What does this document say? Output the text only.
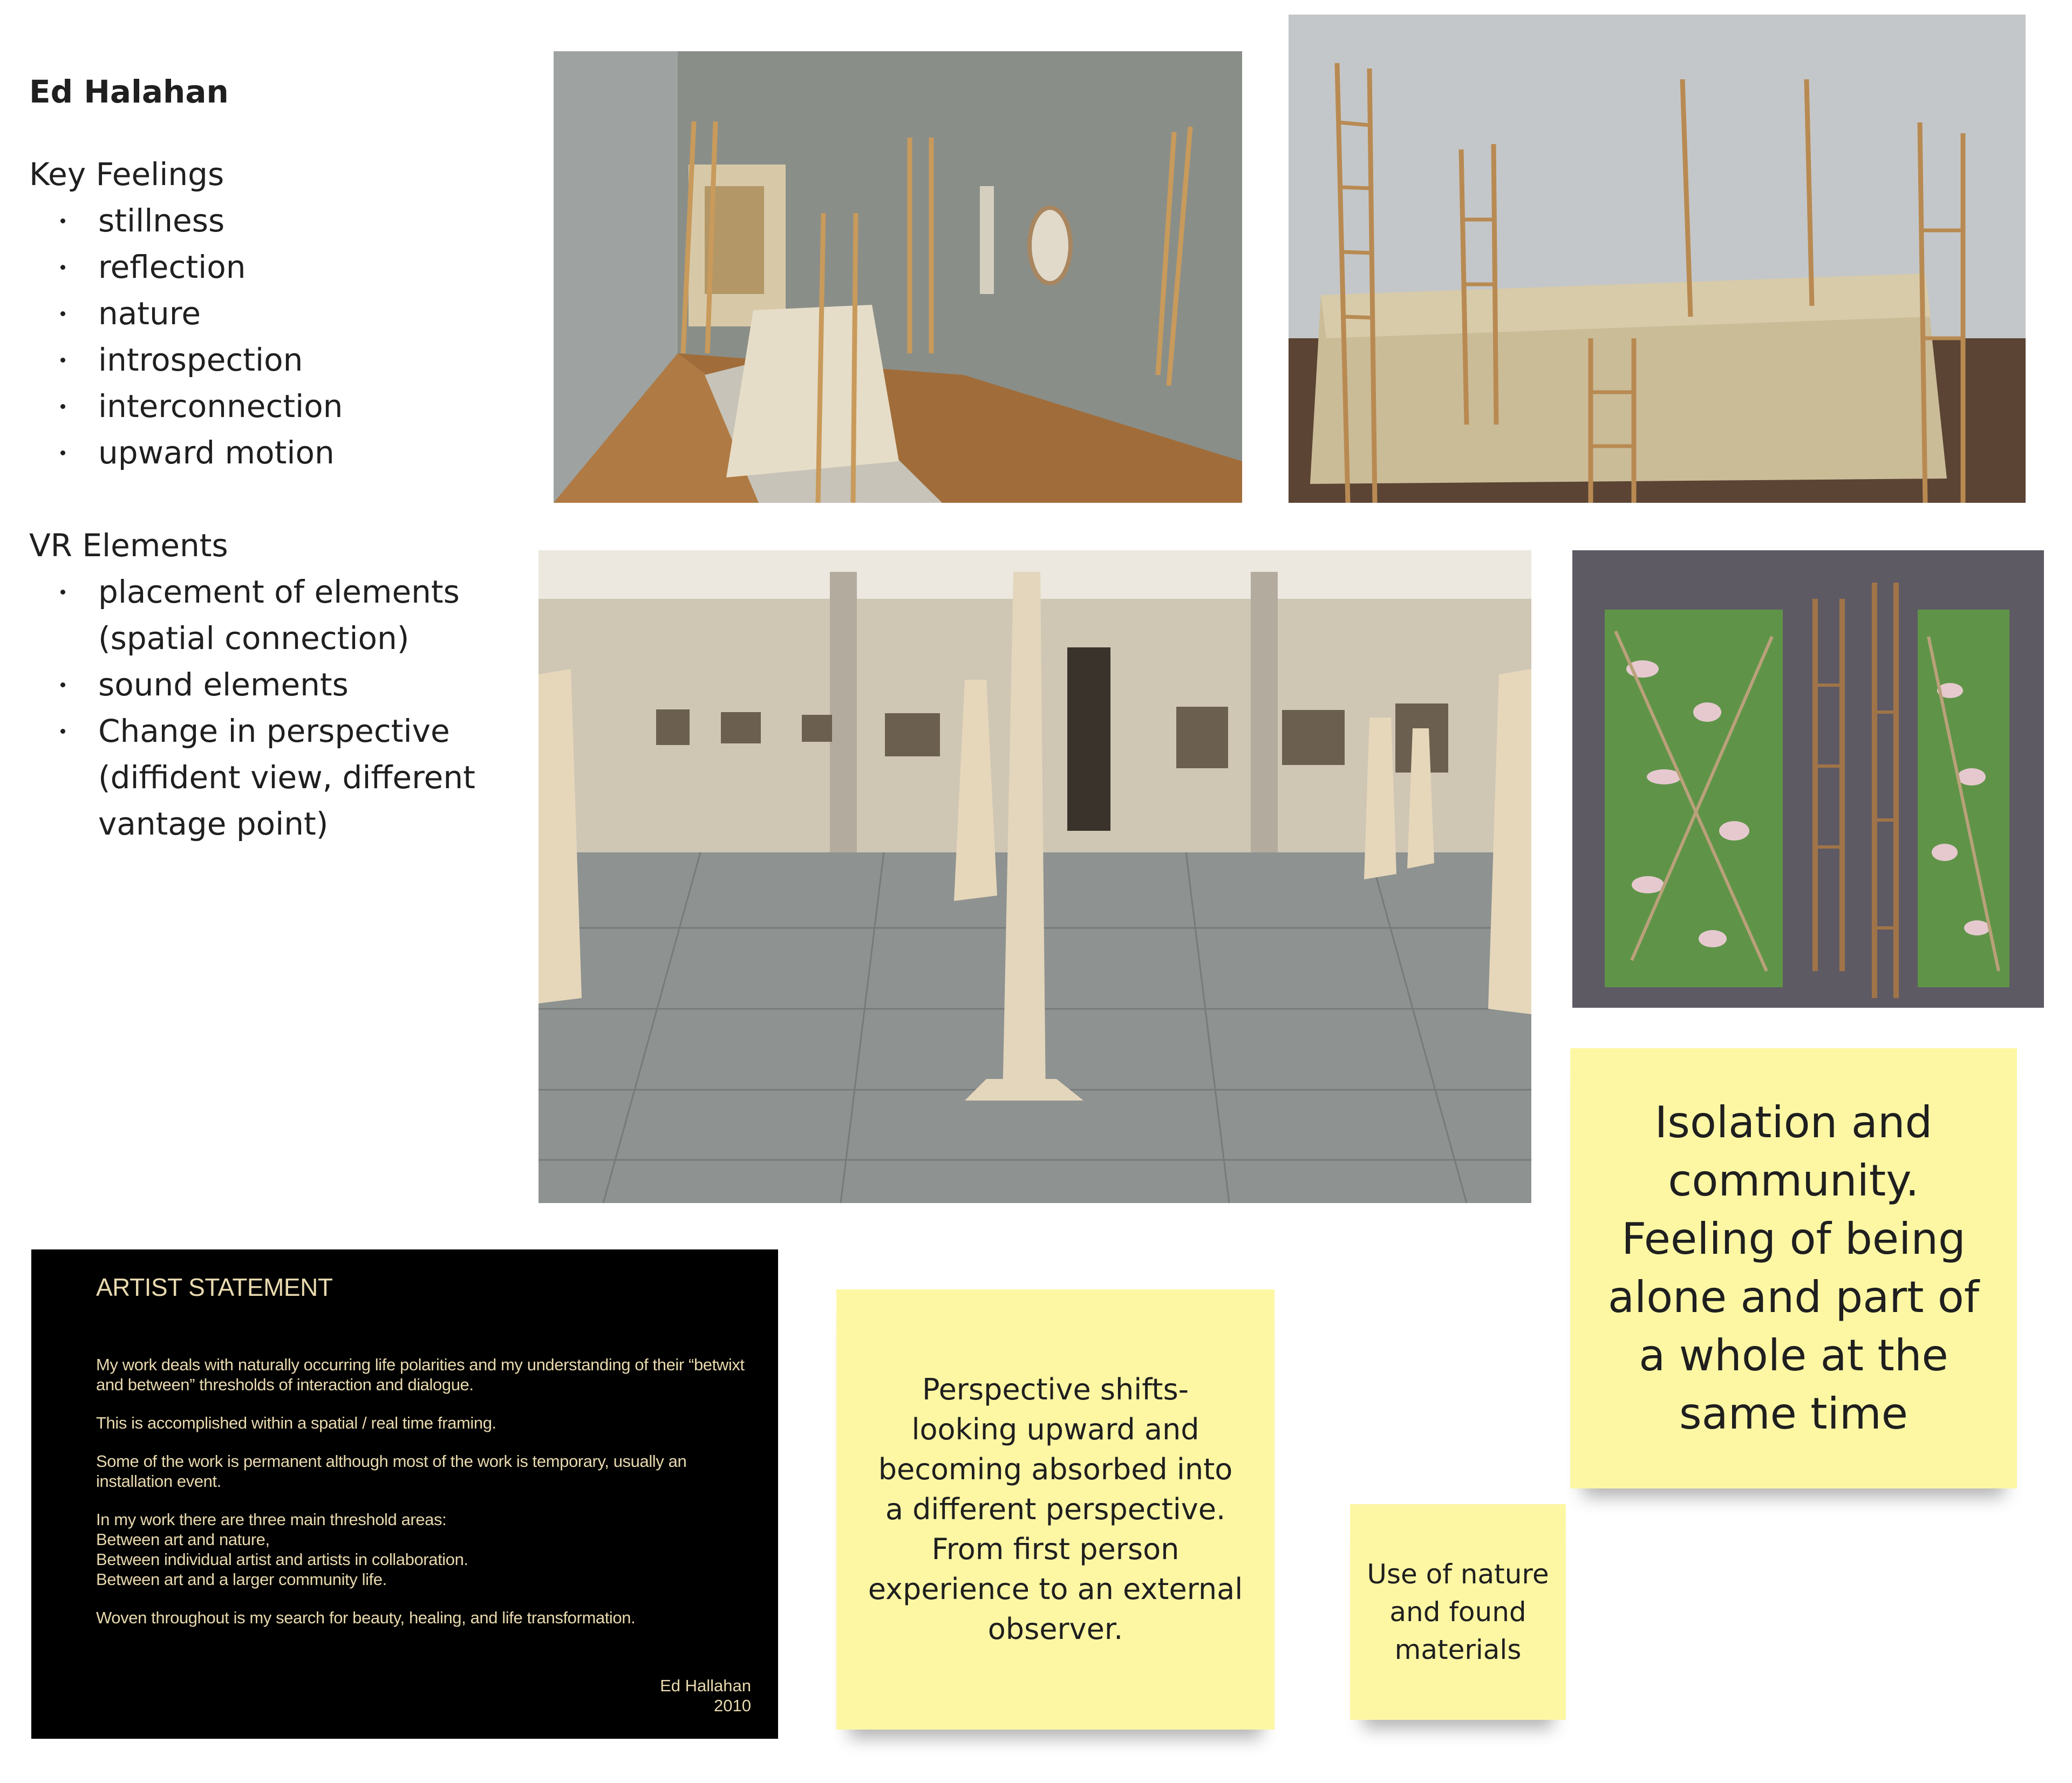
Ed Halahan
Key Feelings
stillness
reflection
nature
introspection
interconnection
upward motion
VR Elements
placement of elements (spatial connection)
sound elements
Change in perspective (diffident view, different vantage point)
ARTIST STATEMENT

My work deals with naturally occurring life polarities and my understanding of their “betwixt and between” thresholds of interaction and dialogue.

This is accomplished within a spatial / real time framing.

Some of the work is permanent although most of the work is temporary, usually an installation event.

In my work there are three main threshold areas:
Between art and nature,
Between individual artist and artists in collaboration.
Between art and a larger community life.

Woven throughout is my search for beauty, healing, and life transformation.

Ed Hallahan
2010
Isolation and community. Feeling of being alone and part of a whole at the same time
Perspective shifts- looking upward and becoming absorbed into a different perspective.
From first person experience to an external observer.
Use of nature and found materials
